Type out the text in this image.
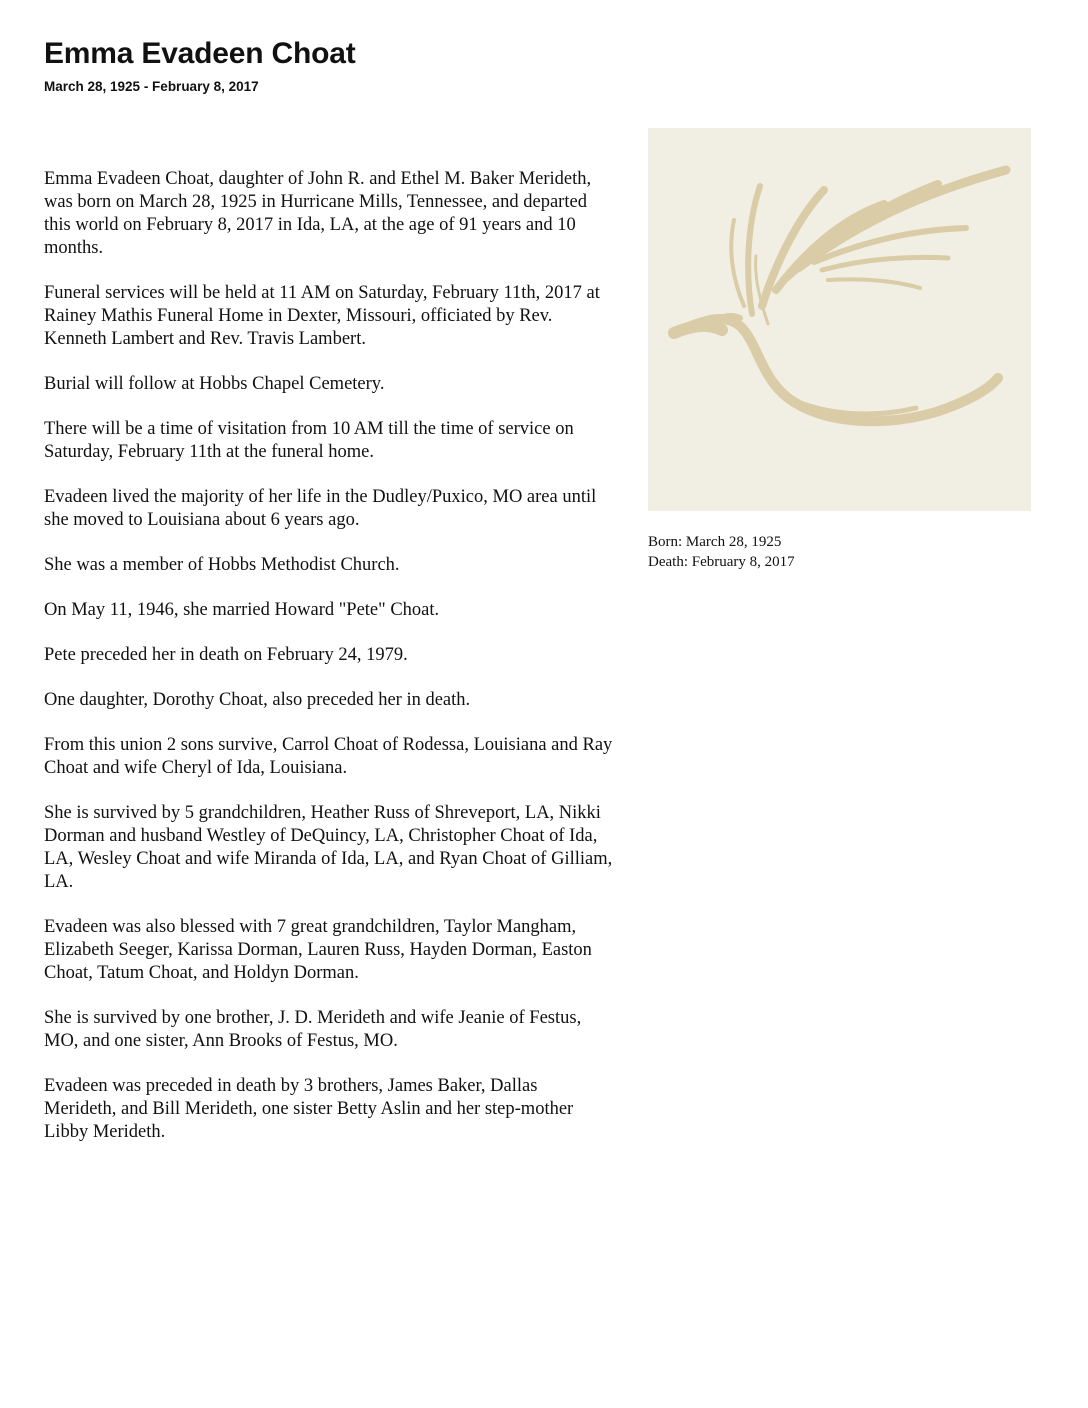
Emma Evadeen Choat
March 28, 1925 - February 8, 2017

Emma Evadeen Choat, daughter of John R. and Ethel M. Baker Merideth, was born on March 28, 1925 in Hurricane Mills, Tennessee, and departed this world on February 8, 2017 in Ida, LA, at the age of 91 years and 10 months.

Funeral services will be held at 11 AM on Saturday, February 11th, 2017 at Rainey Mathis Funeral Home in Dexter, Missouri, officiated by Rev. Kenneth Lambert and Rev. Travis Lambert.

Burial will follow at Hobbs Chapel Cemetery.

There will be a time of visitation from 10 AM till the time of service on Saturday, February 11th at the funeral home.

Evadeen lived the majority of her life in the Dudley/Puxico, MO area until she moved to Louisiana about 6 years ago.

She was a member of Hobbs Methodist Church.

On May 11, 1946, she married Howard "Pete" Choat.

Pete preceded her in death on February 24, 1979.

One daughter, Dorothy Choat, also preceded her in death.

From this union 2 sons survive, Carrol Choat of Rodessa, Louisiana and Ray Choat and wife Cheryl of Ida, Louisiana.

She is survived by 5 grandchildren, Heather Russ of Shreveport, LA, Nikki Dorman and husband Westley of DeQuincy, LA, Christopher Choat of Ida, LA, Wesley Choat and wife Miranda of Ida, LA, and Ryan Choat of Gilliam, LA.

Evadeen was also blessed with 7 great grandchildren, Taylor Mangham, Elizabeth Seeger, Karissa Dorman, Lauren Russ, Hayden Dorman, Easton Choat, Tatum Choat, and Holdyn Dorman.

She is survived by one brother, J. D. Merideth and wife Jeanie of Festus, MO, and one sister, Ann Brooks of Festus, MO.

Evadeen was preceded in death by 3 brothers, James Baker, Dallas Merideth, and Bill Merideth, one sister Betty Aslin and her step-mother Libby Merideth.

Born: March 28, 1925
Death: February 8, 2017
